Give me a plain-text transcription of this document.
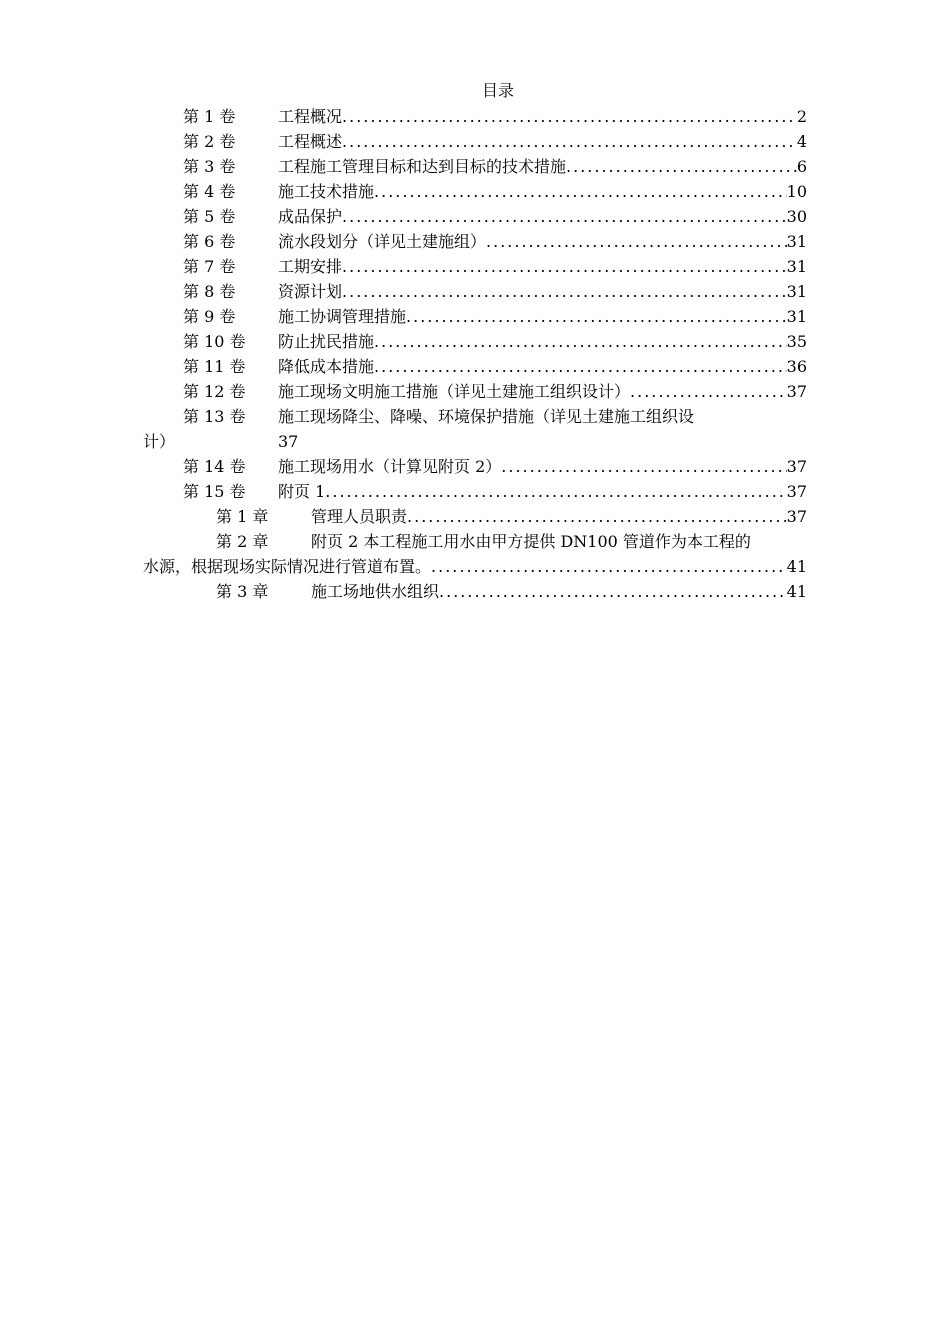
目录
第 1 卷	工程概况 .....	2
第 2 卷	工程概述 .....	4
第 3 卷	工程施工管理目标和达到目标的技术措施 .....	6
第 4 卷	施工技术措施 .....	10
第 5 卷	成品保护 .....	30
第 6 卷	流水段划分（详见土建施组） .....	31
第 7 卷	工期安排 .....	31
第 8 卷	资源计划 .....	31
第 9 卷	施工协调管理措施 .....	31
第 10 卷 防止扰民措施 .....	35
第 11 卷 降低成本措施 .....	36
第 12 卷 施工现场文明施工措施（详见土建施工组织设计） .....	37
第 13 卷 施工现场降尘、降噪、环境保护措施（详见土建施工组织设
计）	37
第 14 卷 施工现场用水（计算见附页 2） .....	37
第 15 卷 附页 1 .....	37
第 1 章	管理人员职责 .....	37
第 2 章	附页 2 本工程施工用水由甲方提供 DN100 管道作为本工程的
水源，根据现场实际情况进行管道布置。 .....	41
第 3 章	施工场地供水组织 .....	41
